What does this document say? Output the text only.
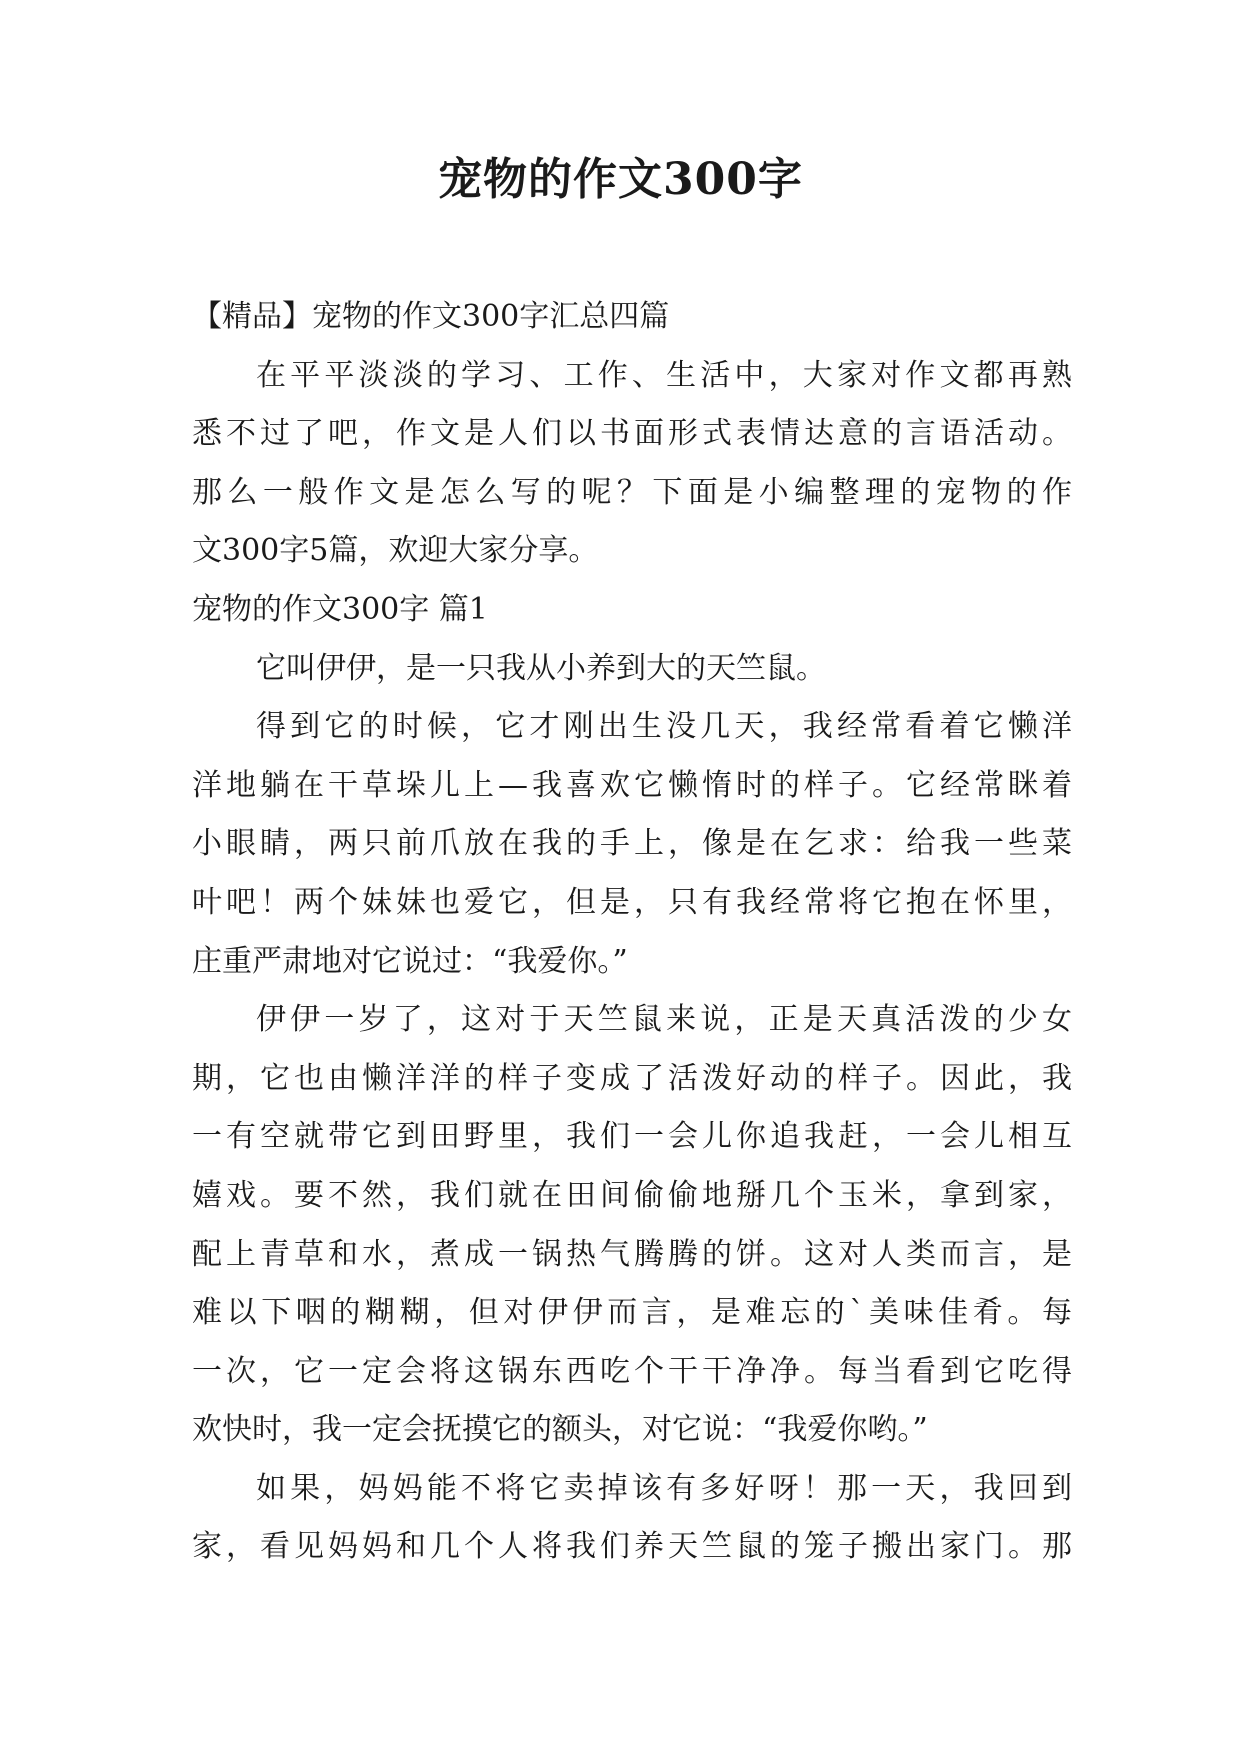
宠物的作文300字
【精品】宠物的作文300字汇总四篇
在平平淡淡的学习、工作、生活中，大家对作文都再熟
悉不过了吧，作文是人们以书面形式表情达意的言语活动。
那么一般作文是怎么写的呢？下面是小编整理的宠物的作
文300字5篇，欢迎大家分享。
宠物的作文300字 篇1
它叫伊伊，是一只我从小养到大的天竺鼠。
得到它的时候，它才刚出生没几天，我经常看着它懒洋
洋地躺在干草垛儿上—我喜欢它懒惰时的样子。它经常眯着
小眼睛，两只前爪放在我的手上，像是在乞求：给我一些菜
叶吧！两个妹妹也爱它，但是，只有我经常将它抱在怀里，
庄重严肃地对它说过：“我爱你。”
伊伊一岁了，这对于天竺鼠来说，正是天真活泼的少女
期，它也由懒洋洋的样子变成了活泼好动的样子。因此，我
一有空就带它到田野里，我们一会儿你追我赶，一会儿相互
嬉戏。要不然，我们就在田间偷偷地掰几个玉米，拿到家，
配上青草和水，煮成一锅热气腾腾的饼。这对人类而言，是
难以下咽的糊糊，但对伊伊而言，是难忘的`美味佳肴。每
一次，它一定会将这锅东西吃个干干净净。每当看到它吃得
欢快时，我一定会抚摸它的额头，对它说：“我爱你哟。”
如果，妈妈能不将它卖掉该有多好呀！那一天，我回到
家，看见妈妈和几个人将我们养天竺鼠的笼子搬出家门。那
